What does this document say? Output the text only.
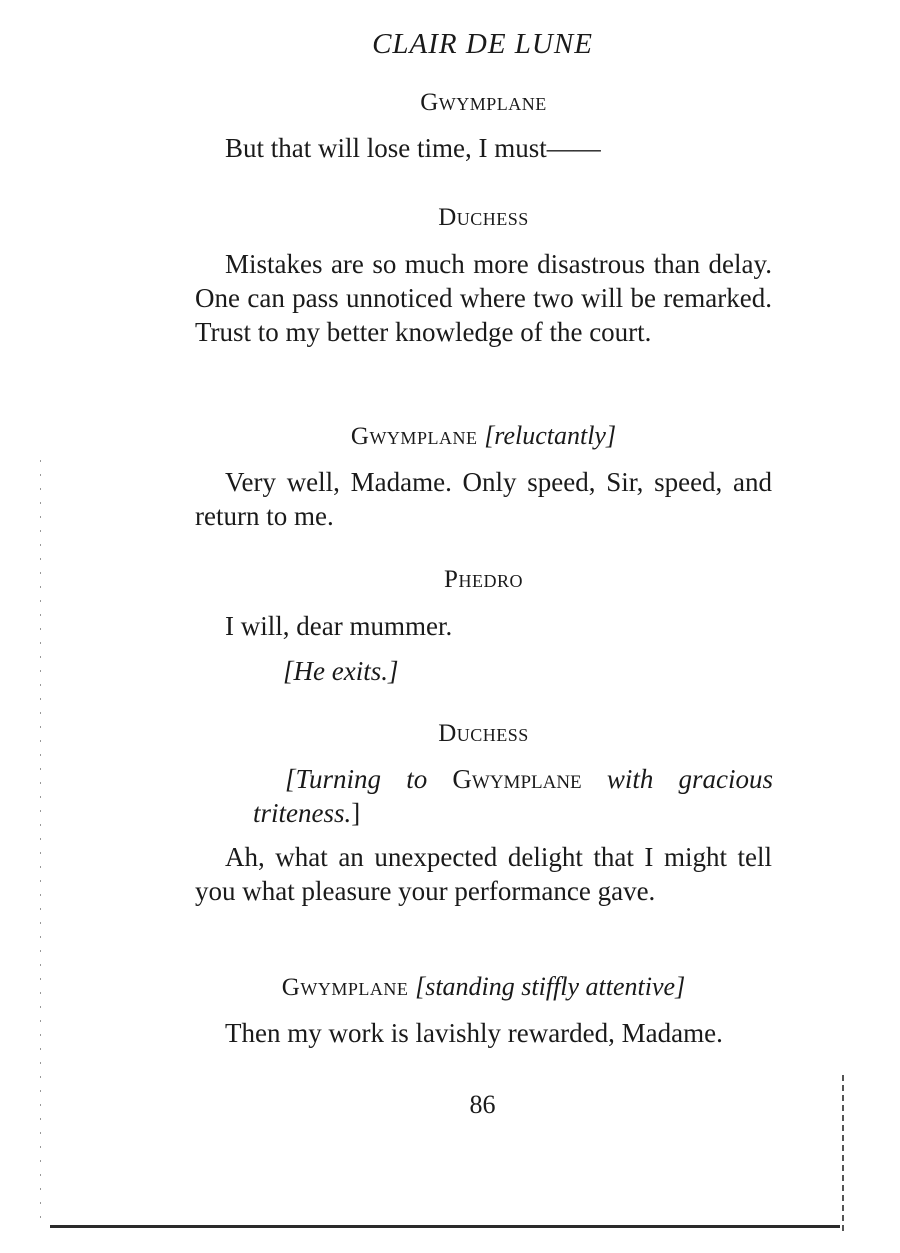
CLAIR DE LUNE
Gwymplane
But that will lose time, I must——
Duchess
Mistakes are so much more disastrous than delay. One can pass unnoticed where two will be remarked. Trust to my better knowledge of the court.
Gwymplane [reluctantly]
Very well, Madame. Only speed, Sir, speed, and return to me.
Phedro
I will, dear mummer.
[He exits.]
Duchess
[Turning to Gwymplane with gracious triteness.]
Ah, what an unexpected delight that I might tell you what pleasure your performance gave.
Gwymplane [standing stiffly attentive]
Then my work is lavishly rewarded, Madame.
86
